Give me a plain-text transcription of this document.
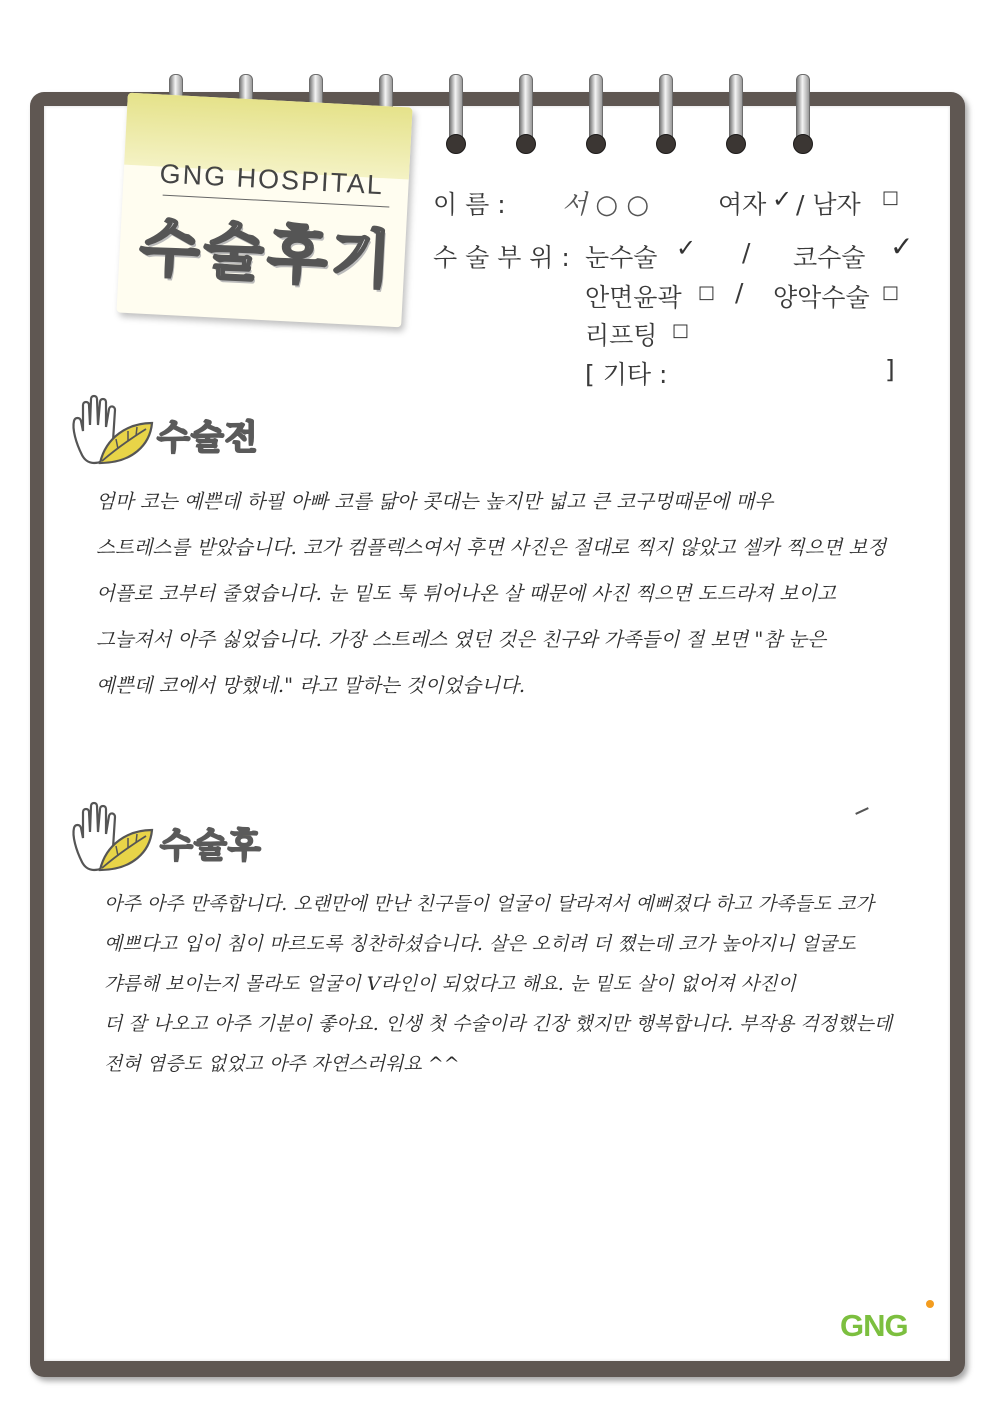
GNG HOSPITAL
수술후기
이 름 : 서 ○ ○	여자 ✓ / 남자 □
수 술 부 위 : 눈수술 ✓ / 코수술 ✓
안면윤곽 □ / 양악수술 □
리프팅 □
[ 기타 :	]
수술전
엄마 코는 예쁜데 하필 아빠 코를 닮아 콧대는 높지만 넓고 큰 코구멍때문에 매우
스트레스를 받았습니다. 코가 컴플렉스여서 후면 사진은 절대로 찍지 않았고 셀카 찍으면 보정
어플로 코부터 줄였습니다. 눈 밑도 툭 튀어나온 살 때문에 사진 찍으면 도드라져 보이고
그늘져서 아주 싫었습니다. 가장 스트레스 였던 것은 친구와 가족들이 절 보면 "참 눈은
예쁜데 코에서 망했네." 라고 말하는 것이었습니다.
수술후
아주 아주 만족합니다. 오랜만에 만난 친구들이 얼굴이 달라져서 예뻐졌다 하고 가족들도 코가
예쁘다고 입이 침이 마르도록 칭찬하셨습니다. 살은 오히려 더 쪘는데 코가 높아지니 얼굴도
갸름해 보이는지 몰라도 얼굴이 V라인이 되었다고 해요. 눈 밑도 살이 없어져 사진이
더 잘 나오고 아주 기분이 좋아요. 인생 첫 수술이라 긴장 했지만 행복합니다. 부작용 걱정했는데
전혀 염증도 없었고 아주 자연스러워요 ^^
GNG
